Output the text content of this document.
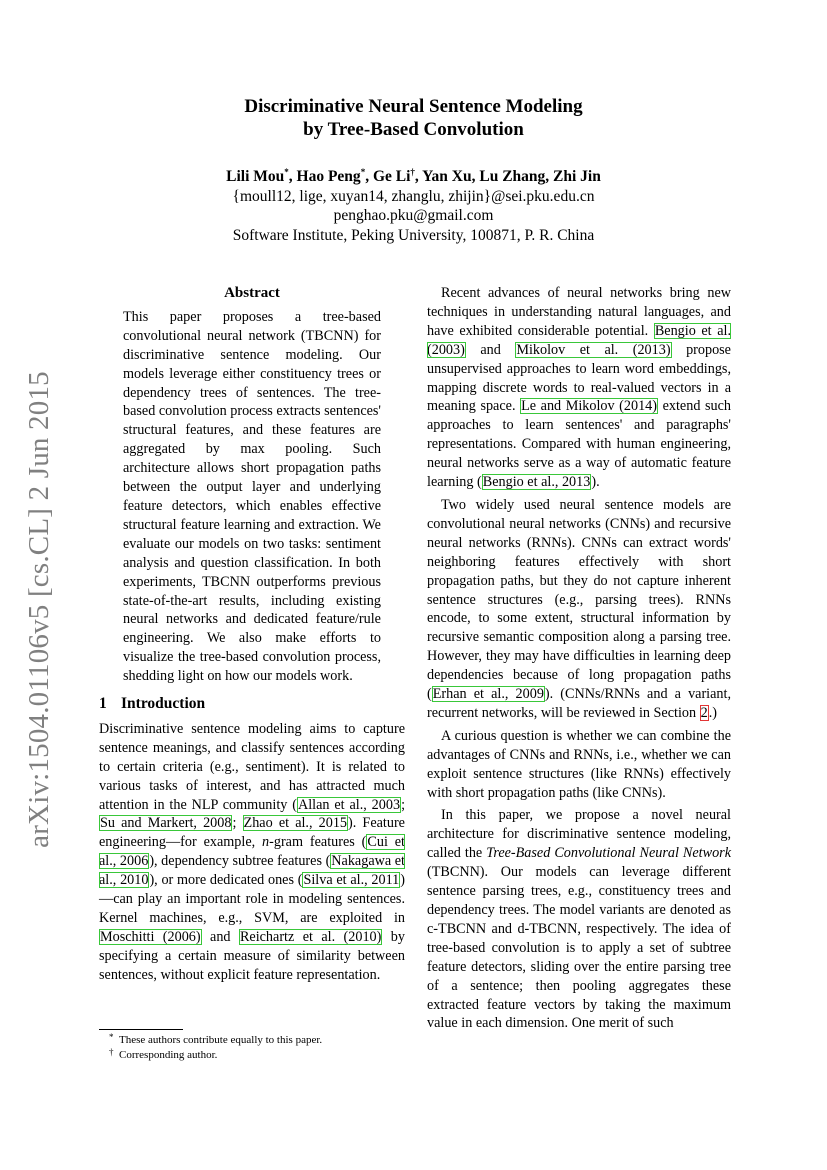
arXiv:1504.01106v5 [cs.CL] 2 Jun 2015
Discriminative Neural Sentence Modeling
by Tree-Based Convolution
Lili Mou*, Hao Peng*, Ge Li†, Yan Xu, Lu Zhang, Zhi Jin
{moull12, lige, xuyan14, zhanglu, zhijin}@sei.pku.edu.cn
penghao.pku@gmail.com
Software Institute, Peking University, 100871, P. R. China
Abstract

This paper proposes a tree-based convolutional neural network (TBCNN) for discriminative sentence modeling. Our models leverage either constituency trees or dependency trees of sentences. The tree-based convolution process extracts sentences' structural features, and these features are aggregated by max pooling. Such architecture allows short propagation paths between the output layer and underlying feature detectors, which enables effective structural feature learning and extraction. We evaluate our models on two tasks: sentiment analysis and question classification. In both experiments, TBCNN outperforms previous state-of-the-art results, including existing neural networks and dedicated feature/rule engineering. We also make efforts to visualize the tree-based convolution process, shedding light on how our models work.

1 Introduction

Discriminative sentence modeling aims to capture sentence meanings, and classify sentences according to certain criteria (e.g., sentiment). It is related to various tasks of interest, and has attracted much attention in the NLP community (Allan et al., 2003; Su and Markert, 2008; Zhao et al., 2015). Feature engineering—for example, n-gram features (Cui et al., 2006), dependency subtree features (Nakagawa et al., 2010), or more dedicated ones (Silva et al., 2011)—can play an important role in modeling sentences. Kernel machines, e.g., SVM, are exploited in Moschitti (2006) and Reichartz et al. (2010) by specifying a certain measure of similarity between sentences, without explicit feature representation.

* These authors contribute equally to this paper.
† Corresponding author.

Recent advances of neural networks bring new techniques in understanding natural languages, and have exhibited considerable potential. Bengio et al. (2003) and Mikolov et al. (2013) propose unsupervised approaches to learn word embeddings, mapping discrete words to real-valued vectors in a meaning space. Le and Mikolov (2014) extend such approaches to learn sentences' and paragraphs' representations. Compared with human engineering, neural networks serve as a way of automatic feature learning (Bengio et al., 2013).

Two widely used neural sentence models are convolutional neural networks (CNNs) and recursive neural networks (RNNs). CNNs can extract words' neighboring features effectively with short propagation paths, but they do not capture inherent sentence structures (e.g., parsing trees). RNNs encode, to some extent, structural information by recursive semantic composition along a parsing tree. However, they may have difficulties in learning deep dependencies because of long propagation paths (Erhan et al., 2009). (CNNs/RNNs and a variant, recurrent networks, will be reviewed in Section 2.)

A curious question is whether we can combine the advantages of CNNs and RNNs, i.e., whether we can exploit sentence structures (like RNNs) effectively with short propagation paths (like CNNs).

In this paper, we propose a novel neural architecture for discriminative sentence modeling, called the Tree-Based Convolutional Neural Network (TBCNN). Our models can leverage different sentence parsing trees, e.g., constituency trees and dependency trees. The model variants are denoted as c-TBCNN and d-TBCNN, respectively. The idea of tree-based convolution is to apply a set of subtree feature detectors, sliding over the entire parsing tree of a sentence; then pooling aggregates these extracted feature vectors by taking the maximum value in each dimension. One merit of such
